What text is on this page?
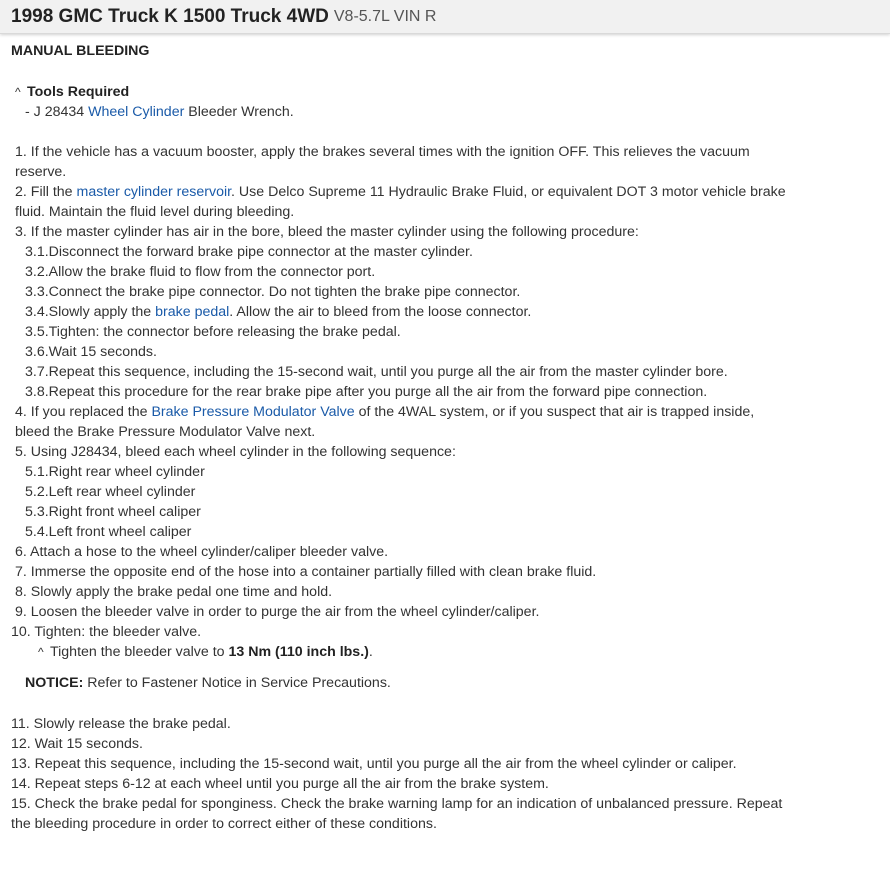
1998 GMC Truck K 1500 Truck 4WD V8-5.7L VIN R
MANUAL BLEEDING
^ Tools Required
- J 28434 Wheel Cylinder Bleeder Wrench.
1. If the vehicle has a vacuum booster, apply the brakes several times with the ignition OFF. This relieves the vacuum reserve.
2. Fill the master cylinder reservoir. Use Delco Supreme 11 Hydraulic Brake Fluid, or equivalent DOT 3 motor vehicle brake fluid. Maintain the fluid level during bleeding.
3. If the master cylinder has air in the bore, bleed the master cylinder using the following procedure:
3.1.Disconnect the forward brake pipe connector at the master cylinder.
3.2.Allow the brake fluid to flow from the connector port.
3.3.Connect the brake pipe connector. Do not tighten the brake pipe connector.
3.4.Slowly apply the brake pedal. Allow the air to bleed from the loose connector.
3.5.Tighten: the connector before releasing the brake pedal.
3.6.Wait 15 seconds.
3.7.Repeat this sequence, including the 15-second wait, until you purge all the air from the master cylinder bore.
3.8.Repeat this procedure for the rear brake pipe after you purge all the air from the forward pipe connection.
4. If you replaced the Brake Pressure Modulator Valve of the 4WAL system, or if you suspect that air is trapped inside, bleed the Brake Pressure Modulator Valve next.
5. Using J28434, bleed each wheel cylinder in the following sequence:
5.1.Right rear wheel cylinder
5.2.Left rear wheel cylinder
5.3.Right front wheel caliper
5.4.Left front wheel caliper
6. Attach a hose to the wheel cylinder/caliper bleeder valve.
7. Immerse the opposite end of the hose into a container partially filled with clean brake fluid.
8. Slowly apply the brake pedal one time and hold.
9. Loosen the bleeder valve in order to purge the air from the wheel cylinder/caliper.
10. Tighten: the bleeder valve.
^ Tighten the bleeder valve to 13 Nm (110 inch lbs.).
NOTICE: Refer to Fastener Notice in Service Precautions.
11. Slowly release the brake pedal.
12. Wait 15 seconds.
13. Repeat this sequence, including the 15-second wait, until you purge all the air from the wheel cylinder or caliper.
14. Repeat steps 6-12 at each wheel until you purge all the air from the brake system.
15. Check the brake pedal for sponginess. Check the brake warning lamp for an indication of unbalanced pressure. Repeat the bleeding procedure in order to correct either of these conditions.
